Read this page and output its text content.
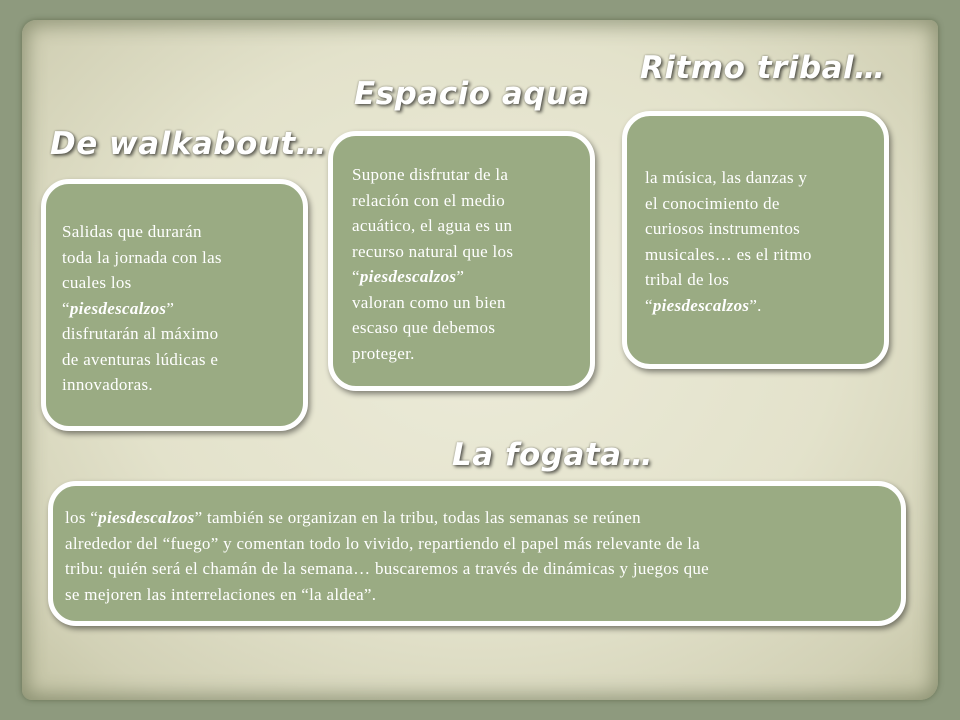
De walkabout…
Salidas que durarán
toda la jornada con las
cuales los
“piesdescalzos”
disfrutarán al máximo
de aventuras lúdicas e
innovadoras.
Espacio aqua
Supone disfrutar de la
relación con el medio
acuático, el agua es un
recurso natural que los
“piesdescalzos”
valoran como un bien
escaso que debemos
proteger.
Ritmo tribal…
la música, las danzas y
el conocimiento de
curiosos instrumentos
musicales… es el ritmo
tribal de los
“piesdescalzos”.
La fogata…
los “piesdescalzos” también se organizan en la tribu, todas las semanas se reúnen
alrededor del “fuego” y comentan todo lo vivido, repartiendo el papel más relevante de la
tribu: quién será el chamán de la semana… buscaremos a través de dinámicas y juegos que
se mejoren las interrelaciones en “la aldea”.
